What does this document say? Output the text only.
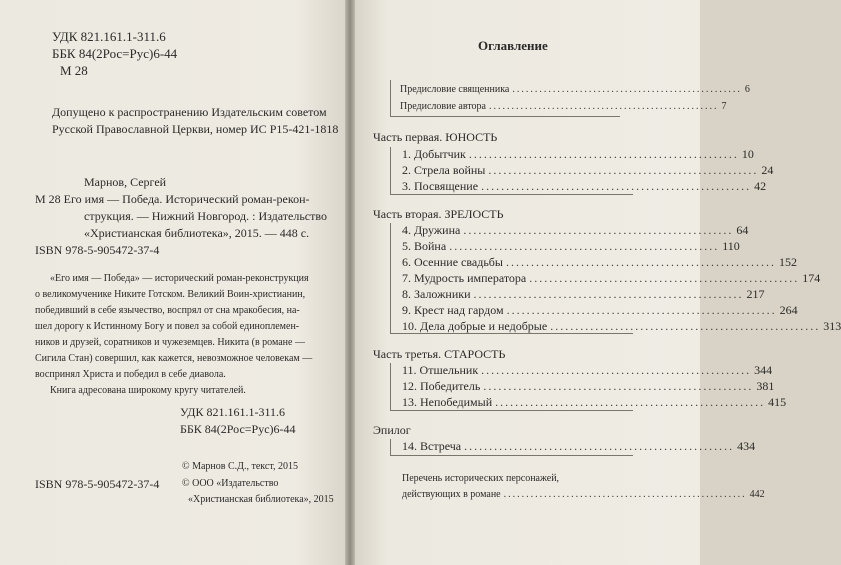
УДК 821.161.1-311.6
ББК 84(2Рос=Рус)6-44
М 28
Допущено к распространению Издательским советом
Русской Православной Церкви, номер ИС Р15-421-1818
Марнов, Сергей
М 28 Его имя — Победа. Исторический роман-рекон-
струкция. — Нижний Новгород. : Издательство
«Христианская библиотека», 2015. — 448 с.
ISBN 978-5-905472-37-4
«Его имя — Победа» — исторический роман-реконструкция
о великомученике Никите Готском. Великий Воин-христианин,
победивший в себе язычество, воспрял от сна мракобесия, на-
шел дорогу к Истинному Богу и повел за собой единоплемен-
ников и друзей, соратников и чужеземцев. Никита (в романе —
Сигила Стан) совершил, как кажется, невозможное человекам —
воспринял Христа и победил в себе диавола.
Книга адресована широкому кругу читателей.
УДК 821.161.1-311.6
ББК 84(2Рос=Рус)6-44
© Марнов С.Д., текст, 2015
© ООО «Издательство
«Христианская библиотека», 2015
ISBN 978-5-905472-37-4
Оглавление
Предисловие священника ................................................... 6
Предисловие автора ................................................... 7
Часть первая. ЮНОСТЬ
1. Добытчик ...................................................... 10
2. Стрела войны ...................................................... 24
3. Посвящение ...................................................... 42
Часть вторая. ЗРЕЛОСТЬ
4. Дружина ...................................................... 64
5. Война ...................................................... 110
6. Осенние свадьбы ...................................................... 152
7. Мудрость императора ...................................................... 174
8. Заложники ...................................................... 217
9. Крест над гардом ...................................................... 264
10. Дела добрые и недобрые ...................................................... 313
Часть третья. СТАРОСТЬ
11. Отшельник ...................................................... 344
12. Победитель ...................................................... 381
13. Непобедимый ...................................................... 415
Эпилог
14. Встреча ...................................................... 434
Перечень исторических персонажей,
действующих в романе ...................................................... 442
